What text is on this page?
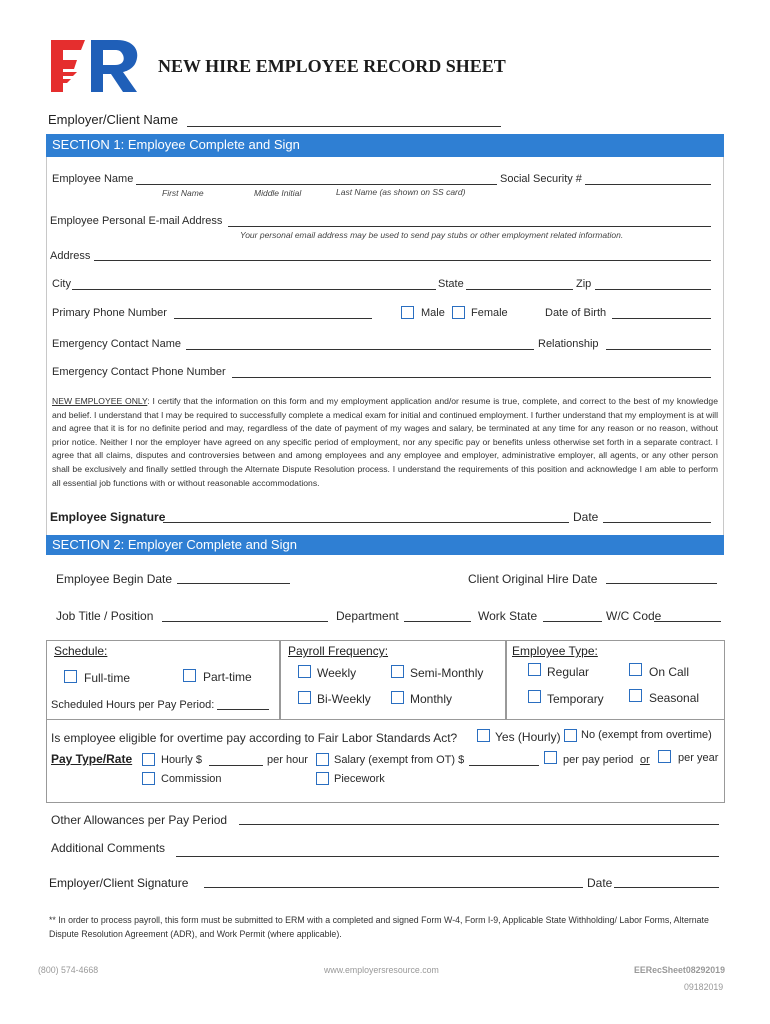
NEW HIRE EMPLOYEE RECORD SHEET
Employer/Client Name
SECTION 1: Employee Complete and Sign
Employee Name
First Name	Middle Initial	Last Name (as shown on SS card)
Social Security #
Employee Personal E-mail Address
Your personal email address may be used to send pay stubs or other employment related information.
Address
City	State	Zip
Primary Phone Number	Male Female	Date of Birth
Emergency Contact Name	Relationship
Emergency Contact Phone Number
NEW EMPLOYEE ONLY: I certify that the information on this form and my employment application and/or resume is true, complete, and correct to the best of my knowledge and belief. I understand that I may be required to successfully complete a medical exam for initial and continued employment. I further understand that my employment is at will and agree that it is for no definite period and may, regardless of the date of payment of my wages and salary, be terminated at any time for any reason or no reason, without prior notice. Neither I nor the employer have agreed on any specific period of employment, nor any specific pay or benefits unless otherwise set forth in a separate contract. I agree that all claims, disputes and controversies between and among employees and any employee and employer, administrative employer, all agents, or any other person shall be exclusively and finally settled through the Alternate Dispute Resolution process. I understand the requirements of this position and acknowledge I am able to perform all essential job functions with or without reasonable accommodations.
Employee Signature	Date
SECTION 2: Employer Complete and Sign
Employee Begin Date	Client Original Hire Date
Job Title / Position	Department	Work State	W/C Code
Schedule:
Full-time	Part-time
Scheduled Hours per Pay Period:
Payroll Frequency:
Weekly	Semi-Monthly
Bi-Weekly	Monthly
Employee Type:
Regular	On Call
Temporary	Seasonal
Is employee eligible for overtime pay according to Fair Labor Standards Act?	Yes (Hourly) No (exempt from overtime)
Pay Type/Rate	Hourly $	per hour Salary (exempt from OT) $	per pay period or	per year
Commission	Piecework
Other Allowances per Pay Period
Additional Comments
Employer/Client Signature	Date
** In order to process payroll, this form must be submitted to ERM with a completed and signed Form W-4, Form I-9, Applicable State Withholding/ Labor Forms, Alternate Dispute Resolution Agreement (ADR), and Work Permit (where applicable).
(800) 574-4668	www.employersresource.com	EERecSheet08292019
09182019
